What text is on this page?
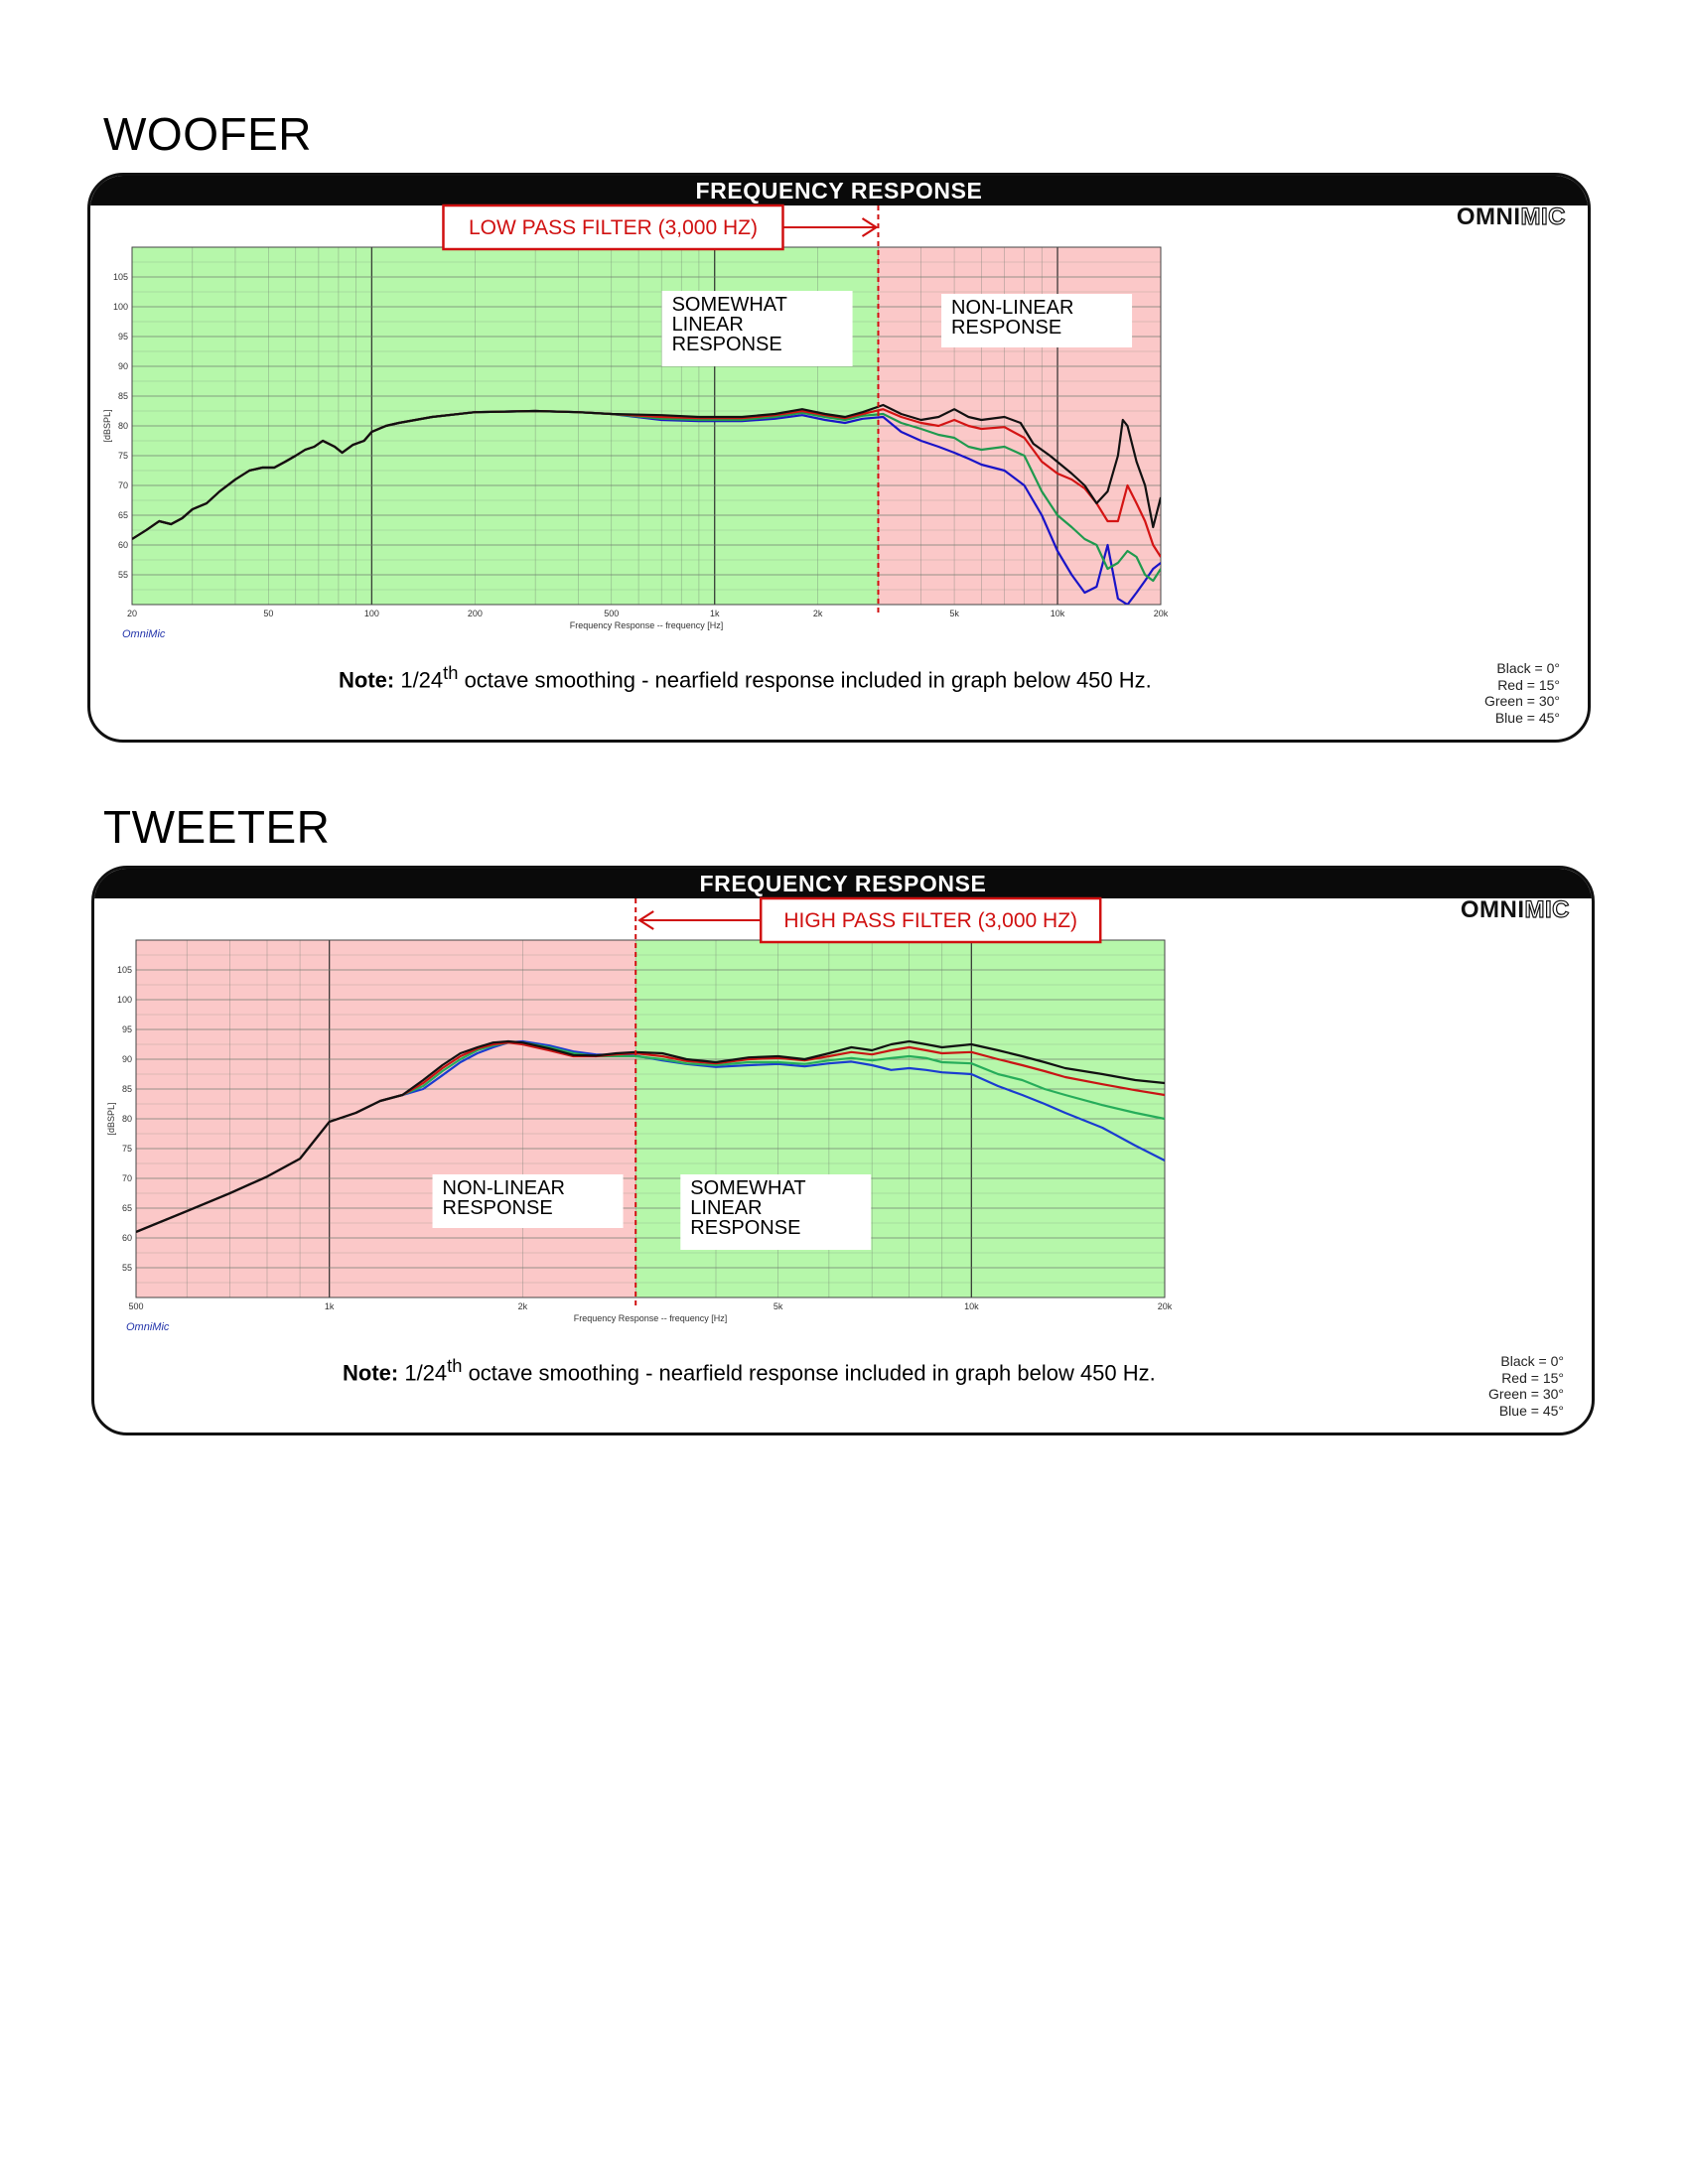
WOOFER
FREQUENCY RESPONSE
OMNIMIC
55
60
65
70
75
80
85
90
95
100
105
20	50	100	200	500	1k	2k	5k	10k	20k
Frequency Response -- frequency [Hz]
[dBSPL]
LOW PASS FILTER (3,000 HZ)
SOMEWHAT
LINEAR
RESPONSE
NON-LINEAR
RESPONSE
OmniMic
Note: 1/24th octave smoothing - nearfield response included in graph below 450 Hz.	Black = 0°
Red = 15°
Green = 30°
Blue = 45°
TWEETER
FREQUENCY RESPONSE
OMNIMIC
55
60
65
70
75
80
85
90
95
100
105
500	1k	2k	5k	10k	20k
Frequency Response -- frequency [Hz]
[dBSPL]
HIGH PASS FILTER (3,000 HZ)
NON-LINEAR
RESPONSE
SOMEWHAT
LINEAR
RESPONSE
OmniMic
Note: 1/24th octave smoothing - nearfield response included in graph below 450 Hz.	Black = 0°
Red = 15°
Green = 30°
Blue = 45°
